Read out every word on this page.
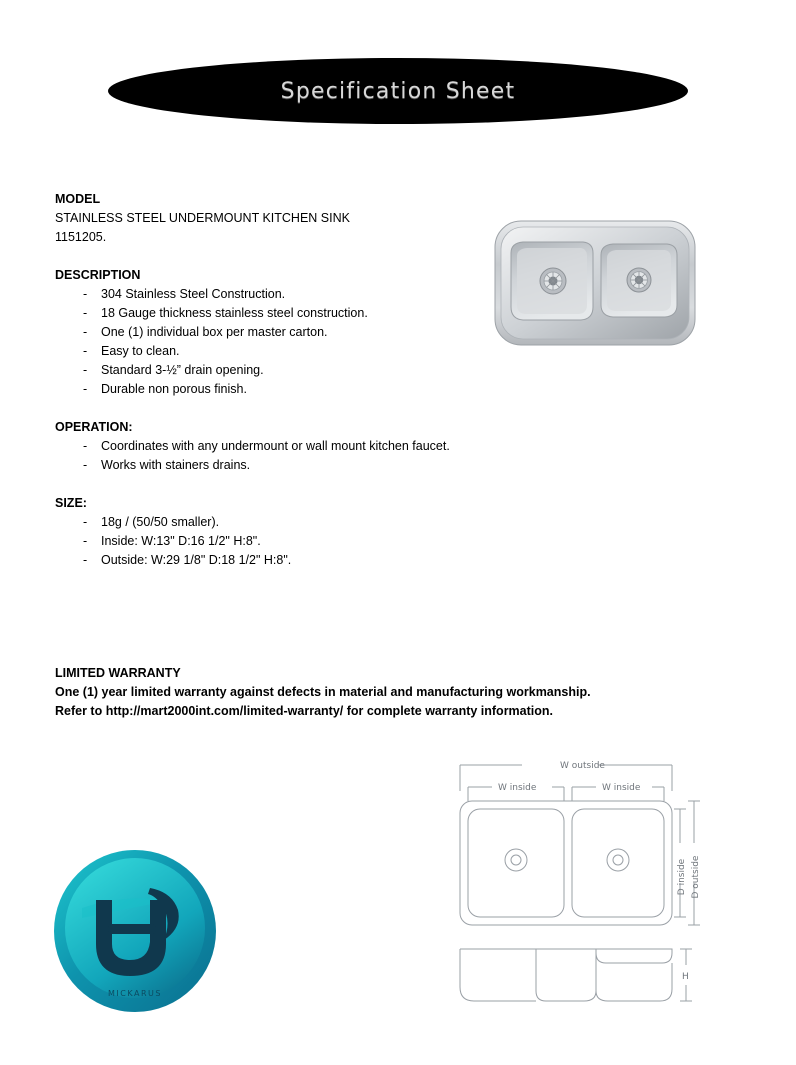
Specification Sheet

MODEL

STAINLESS STEEL UNDERMOUNT KITCHEN SINK

1151205.

DESCRIPTION

- 304 Stainless Steel Construction.
- 18 Gauge thickness stainless steel construction.
- One (1) individual box per master carton.
- Easy to clean.
- Standard 3-½” drain opening.
- Durable non porous finish.

OPERATION:

- Coordinates with any undermount or wall mount kitchen faucet.
- Works with stainers drains.

SIZE:

- 18g / (50/50 smaller).
- Inside: W:13" D:16 1/2" H:8".
- Outside: W:29 1/8" D:18 1/2" H:8".

LIMITED WARRANTY

One (1) year limited warranty against defects in material and manufacturing workmanship.

Refer to http://mart2000int.com/limited-warranty/ for complete warranty information.

MICKARUS
W outside
W inside	W inside
D inside D outside
H
